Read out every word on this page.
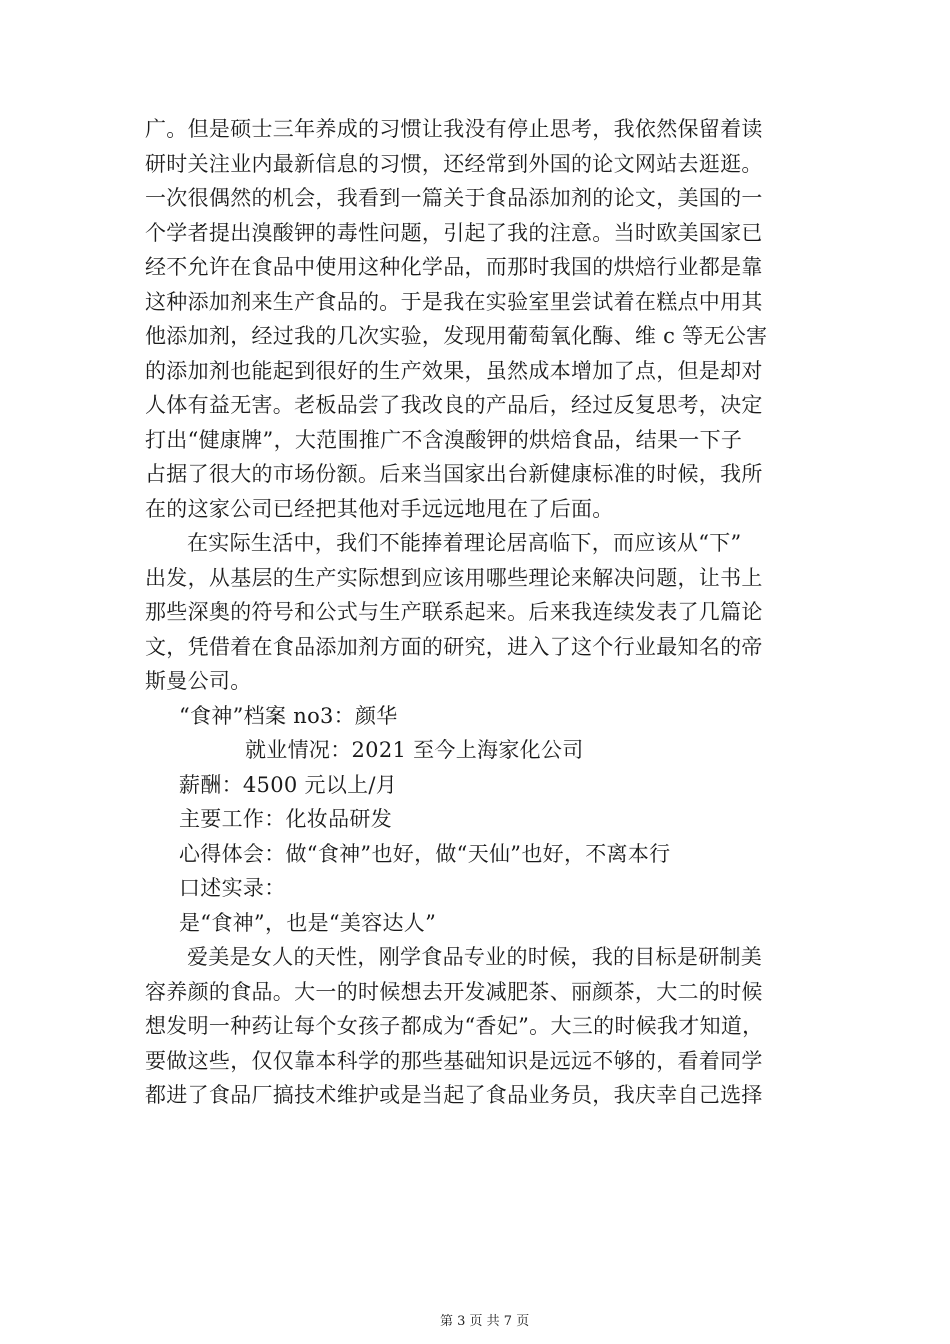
广。但是硕士三年养成的习惯让我没有停止思考，我依然保留着读
研时关注业内最新信息的习惯，还经常到外国的论文网站去逛逛。
一次很偶然的机会，我看到一篇关于食品添加剂的论文，美国的一
个学者提出溴酸钾的毒性问题，引起了我的注意。当时欧美国家已
经不允许在食品中使用这种化学品，而那时我国的烘焙行业都是靠
这种添加剂来生产食品的。于是我在实验室里尝试着在糕点中用其
他添加剂，经过我的几次实验，发现用葡萄氧化酶、维 c 等无公害
的添加剂也能起到很好的生产效果，虽然成本增加了点，但是却对
人体有益无害。老板品尝了我改良的产品后，经过反复思考，决定
打出“健康牌”，大范围推广不含溴酸钾的烘焙食品，结果一下子
占据了很大的市场份额。后来当国家出台新健康标准的时候，我所
在的这家公司已经把其他对手远远地甩在了后面。
在实际生活中，我们不能捧着理论居高临下，而应该从“下”
出发，从基层的生产实际想到应该用哪些理论来解决问题，让书上
那些深奥的符号和公式与生产联系起来。后来我连续发表了几篇论
文，凭借着在食品添加剂方面的研究，进入了这个行业最知名的帝
斯曼公司。
“食神”档案 no3：颜华
就业情况：2021 至今上海家化公司
薪酬：4500 元以上/月
主要工作：化妆品研发
心得体会：做“食神”也好，做“天仙”也好，不离本行
口述实录：
是“食神”，也是“美容达人”
爱美是女人的天性，刚学食品专业的时候，我的目标是研制美
容养颜的食品。大一的时候想去开发减肥茶、丽颜茶，大二的时候
想发明一种药让每个女孩子都成为“香妃”。大三的时候我才知道，
要做这些，仅仅靠本科学的那些基础知识是远远不够的，看着同学
都进了食品厂搞技术维护或是当起了食品业务员，我庆幸自己选择
第 3 页 共 7 页
